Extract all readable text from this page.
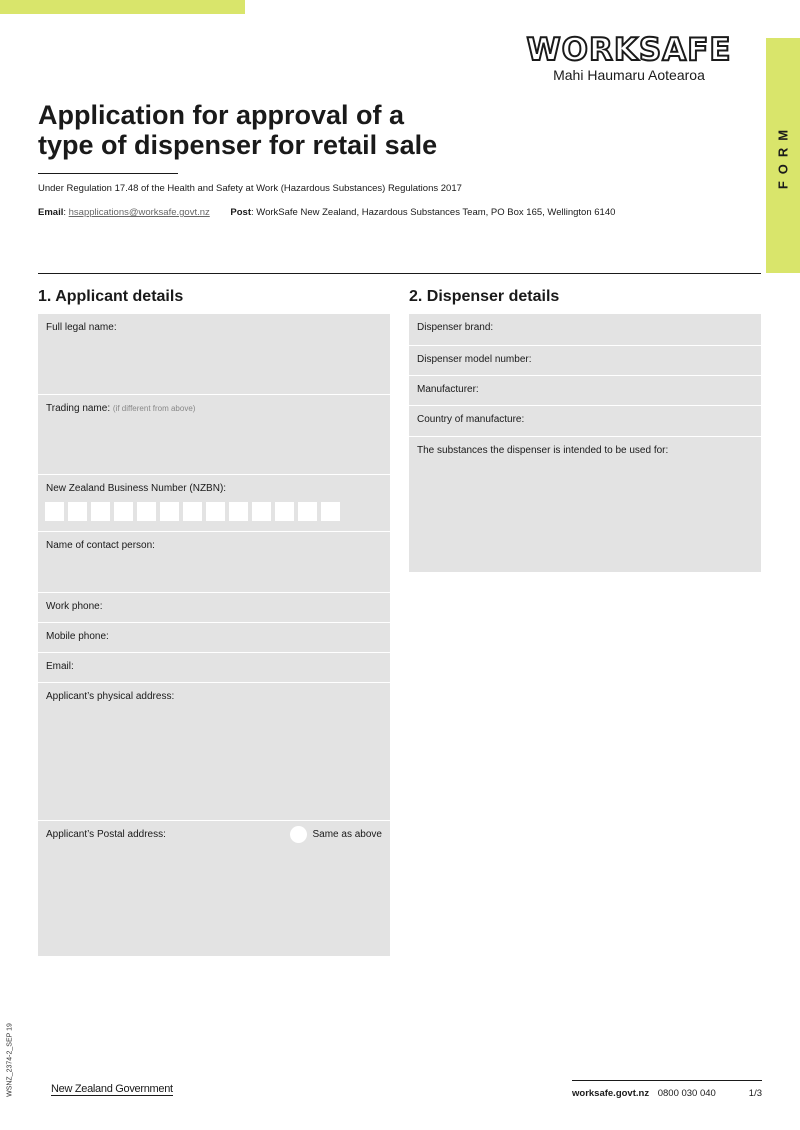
FORM
WORKSAFE
Mahi Haumaru Aotearoa
Application for approval of a
type of dispenser for retail sale
Under Regulation 17.48 of the Health and Safety at Work (Hazardous Substances) Regulations 2017
Email: hsapplications@worksafe.govt.nz Post: WorkSafe New Zealand, Hazardous Substances Team, PO Box 165, Wellington 6140
1. Applicant details
Full legal name:
Trading name: (if different from above)
New Zealand Business Number (NZBN):
Name of contact person:
Work phone:
Mobile phone:
Email:
Applicant’s physical address:
Applicant’s Postal address:	Same as above
2. Dispenser details
Dispenser brand:
Dispenser model number:
Manufacturer:
Country of manufacture:
The substances the dispenser is intended to be used for:
WSNZ_2374-2_SEP 19	New Zealand Government	worksafe.govt.nz 0800 030 040	1/3
